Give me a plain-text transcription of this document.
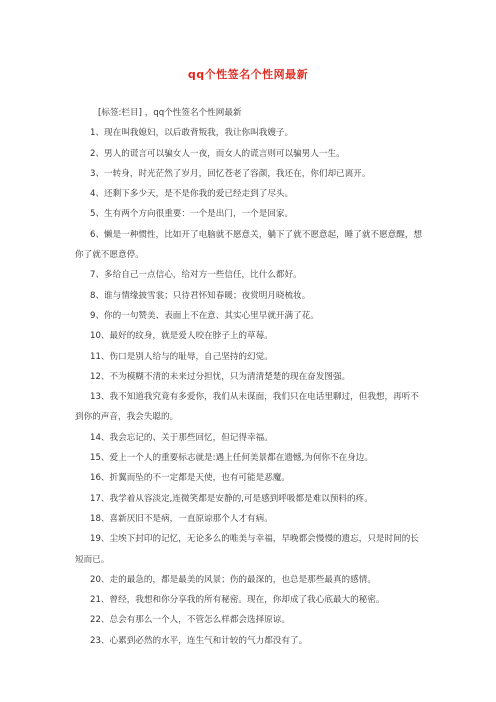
qq个性签名个性网最新
[标签:栏目] ，qq个性签名个性网最新
1、现在叫我媳妇，以后敢背叛我，我让你叫我嫂子。
2、男人的谎言可以骗女人一夜，而女人的谎言则可以骗男人一生。
3、一转身，时光茫然了岁月，回忆苍老了容颜，我还在，你们却已离开。
4、还剩下多少天，是不是你我的爱已经走到了尽头。
5、生有两个方向很重要：一个是出门，一个是回家。
6、懒是一种惯性，比如开了电脑就不愿意关，躺下了就不愿意起，睡了就不愿意醒，想你了就不愿意停。
7、多给自己一点信心，给对方一些信任，比什么都好。
8、谁与情缘披雪裳；只待君怀知春暖；夜赏明月晓梳妆。
9、你的一句赞美、表面上不在意、其实心里早就开满了花。
10、最好的纹身，就是爱人咬在脖子上的草莓。
11、伤口是别人给与的耻辱，自己坚持的幻觉。
12、不为模糊不清的未来过分担忧，只为清清楚楚的现在奋发图强。
13、我不知道我究竟有多爱你，我们从未谋面，我们只在电话里聊过，但我想，再听不到你的声音，我会失聪的。
14、我会忘记的、关于那些回忆，但记得幸福。
15、爱上一个人的重要标志就是:遇上任何美景都在遗憾,为何你不在身边。
16、折翼而坠的不一定都是天使，也有可能是恶魔。
17、我学着从容淡定,连微笑都是安静的,可是感到呼吸都是难以预料的疼。
18、喜新厌旧不是病，一直原谅那个人才有病。
19、尘埃下封印的记忆，无论多么的唯美与幸福，早晚都会慢慢的遗忘，只是时间的长短而已。
20、走的最急的，都是最美的风景；伤的最深的，也总是那些最真的感情。
21、曾经，我想和你分享我的所有秘密。现在，你却成了我心底最大的秘密。
22、总会有那么一个人，不管怎么样都会选择原谅。
23、心累到必然的水平，连生气和计较的气力都没有了。
